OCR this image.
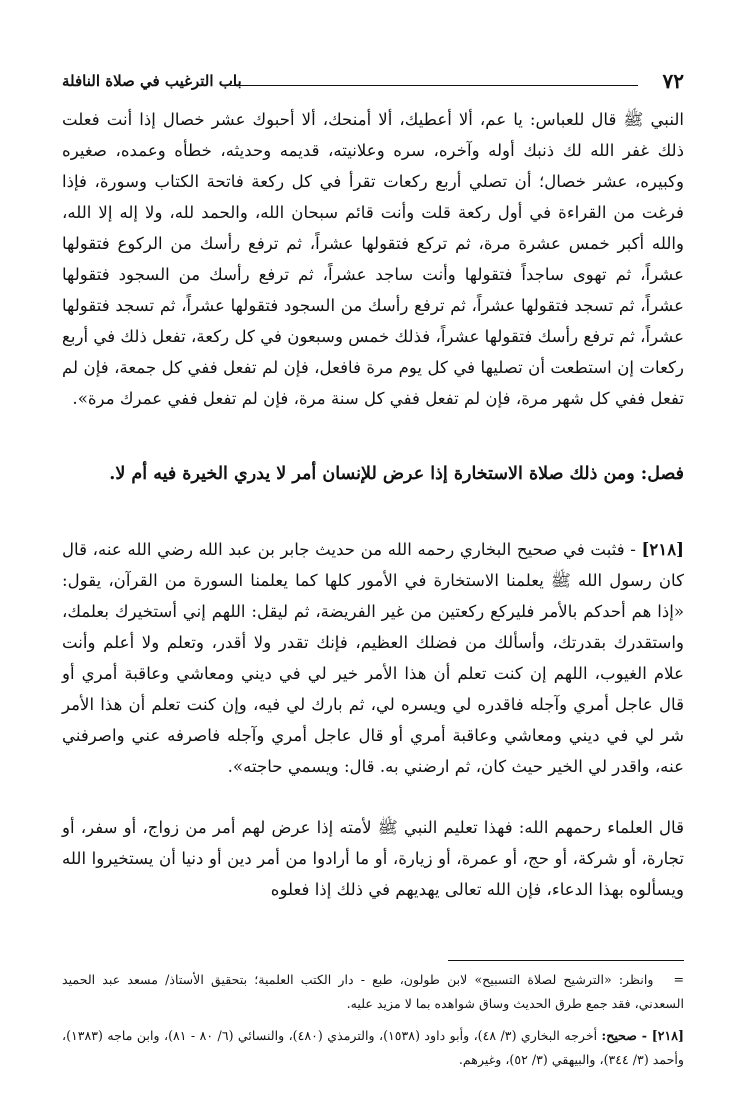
٧٢
باب الترغيب في صلاة النافلة

النبي ﷺ قال للعباس: يا عم، ألا أعطيك، ألا أمنحك، ألا أحبوك عشر خصال إذا أنت فعلت ذلك غفر الله لك ذنبك أوله وآخره، سره وعلانيته، قديمه وحديثه، خطأه وعمده، صغيره وكبيره، عشر خصال؛ أن تصلي أربع ركعات تقرأ في كل ركعة فاتحة الكتاب وسورة، فإذا فرغت من القراءة في أول ركعة قلت وأنت قائم سبحان الله، والحمد لله، ولا إله إلا الله، والله أكبر خمس عشرة مرة، ثم تركع فتقولها عشراً، ثم ترفع رأسك من الركوع فتقولها عشراً، ثم تهوى ساجداً فتقولها وأنت ساجد عشراً، ثم ترفع رأسك من السجود فتقولها عشراً، ثم تسجد فتقولها عشراً، ثم ترفع رأسك من السجود فتقولها عشراً، ثم تسجد فتقولها عشراً، ثم ترفع رأسك فتقولها عشراً، فذلك خمس وسبعون في كل ركعة، تفعل ذلك في أربع ركعات إن استطعت أن تصليها في كل يوم مرة فافعل، فإن لم تفعل ففي كل جمعة، فإن لم تفعل ففي كل شهر مرة، فإن لم تفعل ففي كل سنة مرة، فإن لم تفعل ففي عمرك مرة».

فصل: ومن ذلك صلاة الاستخارة إذا عرض للإنسان أمر لا يدري الخيرة فيه أم لا.

[٢١٨] - فثبت في صحيح البخاري رحمه الله من حديث جابر بن عبد الله رضي الله عنه، قال كان رسول الله ﷺ يعلمنا الاستخارة في الأمور كلها كما يعلمنا السورة من القرآن، يقول: «إذا هم أحدكم بالأمر فليركع ركعتين من غير الفريضة، ثم ليقل: اللهم إني أستخيرك بعلمك، واستقدرك بقدرتك، وأسألك من فضلك العظيم، فإنك تقدر ولا أقدر، وتعلم ولا أعلم وأنت علام الغيوب، اللهم إن كنت تعلم أن هذا الأمر خير لي في ديني ومعاشي وعاقبة أمري أو قال عاجل أمري وآجله فاقدره لي ويسره لي، ثم بارك لي فيه، وإن كنت تعلم أن هذا الأمر شر لي في ديني ومعاشي وعاقبة أمري أو قال عاجل أمري وآجله فاصرفه عني واصرفني عنه، واقدر لي الخير حيث كان، ثم ارضني به. قال: ويسمي حاجته».

قال العلماء رحمهم الله: فهذا تعليم النبي ﷺ لأمته إذا عرض لهم أمر من زواج، أو سفر، أو تجارة، أو شركة، أو حج، أو عمرة، أو زيارة، أو ما أرادوا من أمر دين أو دنيا أن يستخيروا الله ويسألوه بهذا الدعاء، فإن الله تعالى يهديهم في ذلك إذا فعلوه

=وانظر: «الترشيح لصلاة التسبيح» لابن طولون، طبع - دار الكتب العلمية؛ بتحقيق الأستاذ/ مسعد عبد الحميد السعدني، فقد جمع طرق الحديث وساق شواهده بما لا مزيد عليه.

[٢١٨] - صحيح: أخرجه البخاري (٣/ ٤٨)، وأبو داود (١٥٣٨)، والترمذي (٤٨٠)، والنسائي (٦/ ٨٠ - ٨١)، وابن ماجه (١٣٨٣)، وأحمد (٣/ ٣٤٤)، والبيهقي (٣/ ٥٢)، وغيرهم.
